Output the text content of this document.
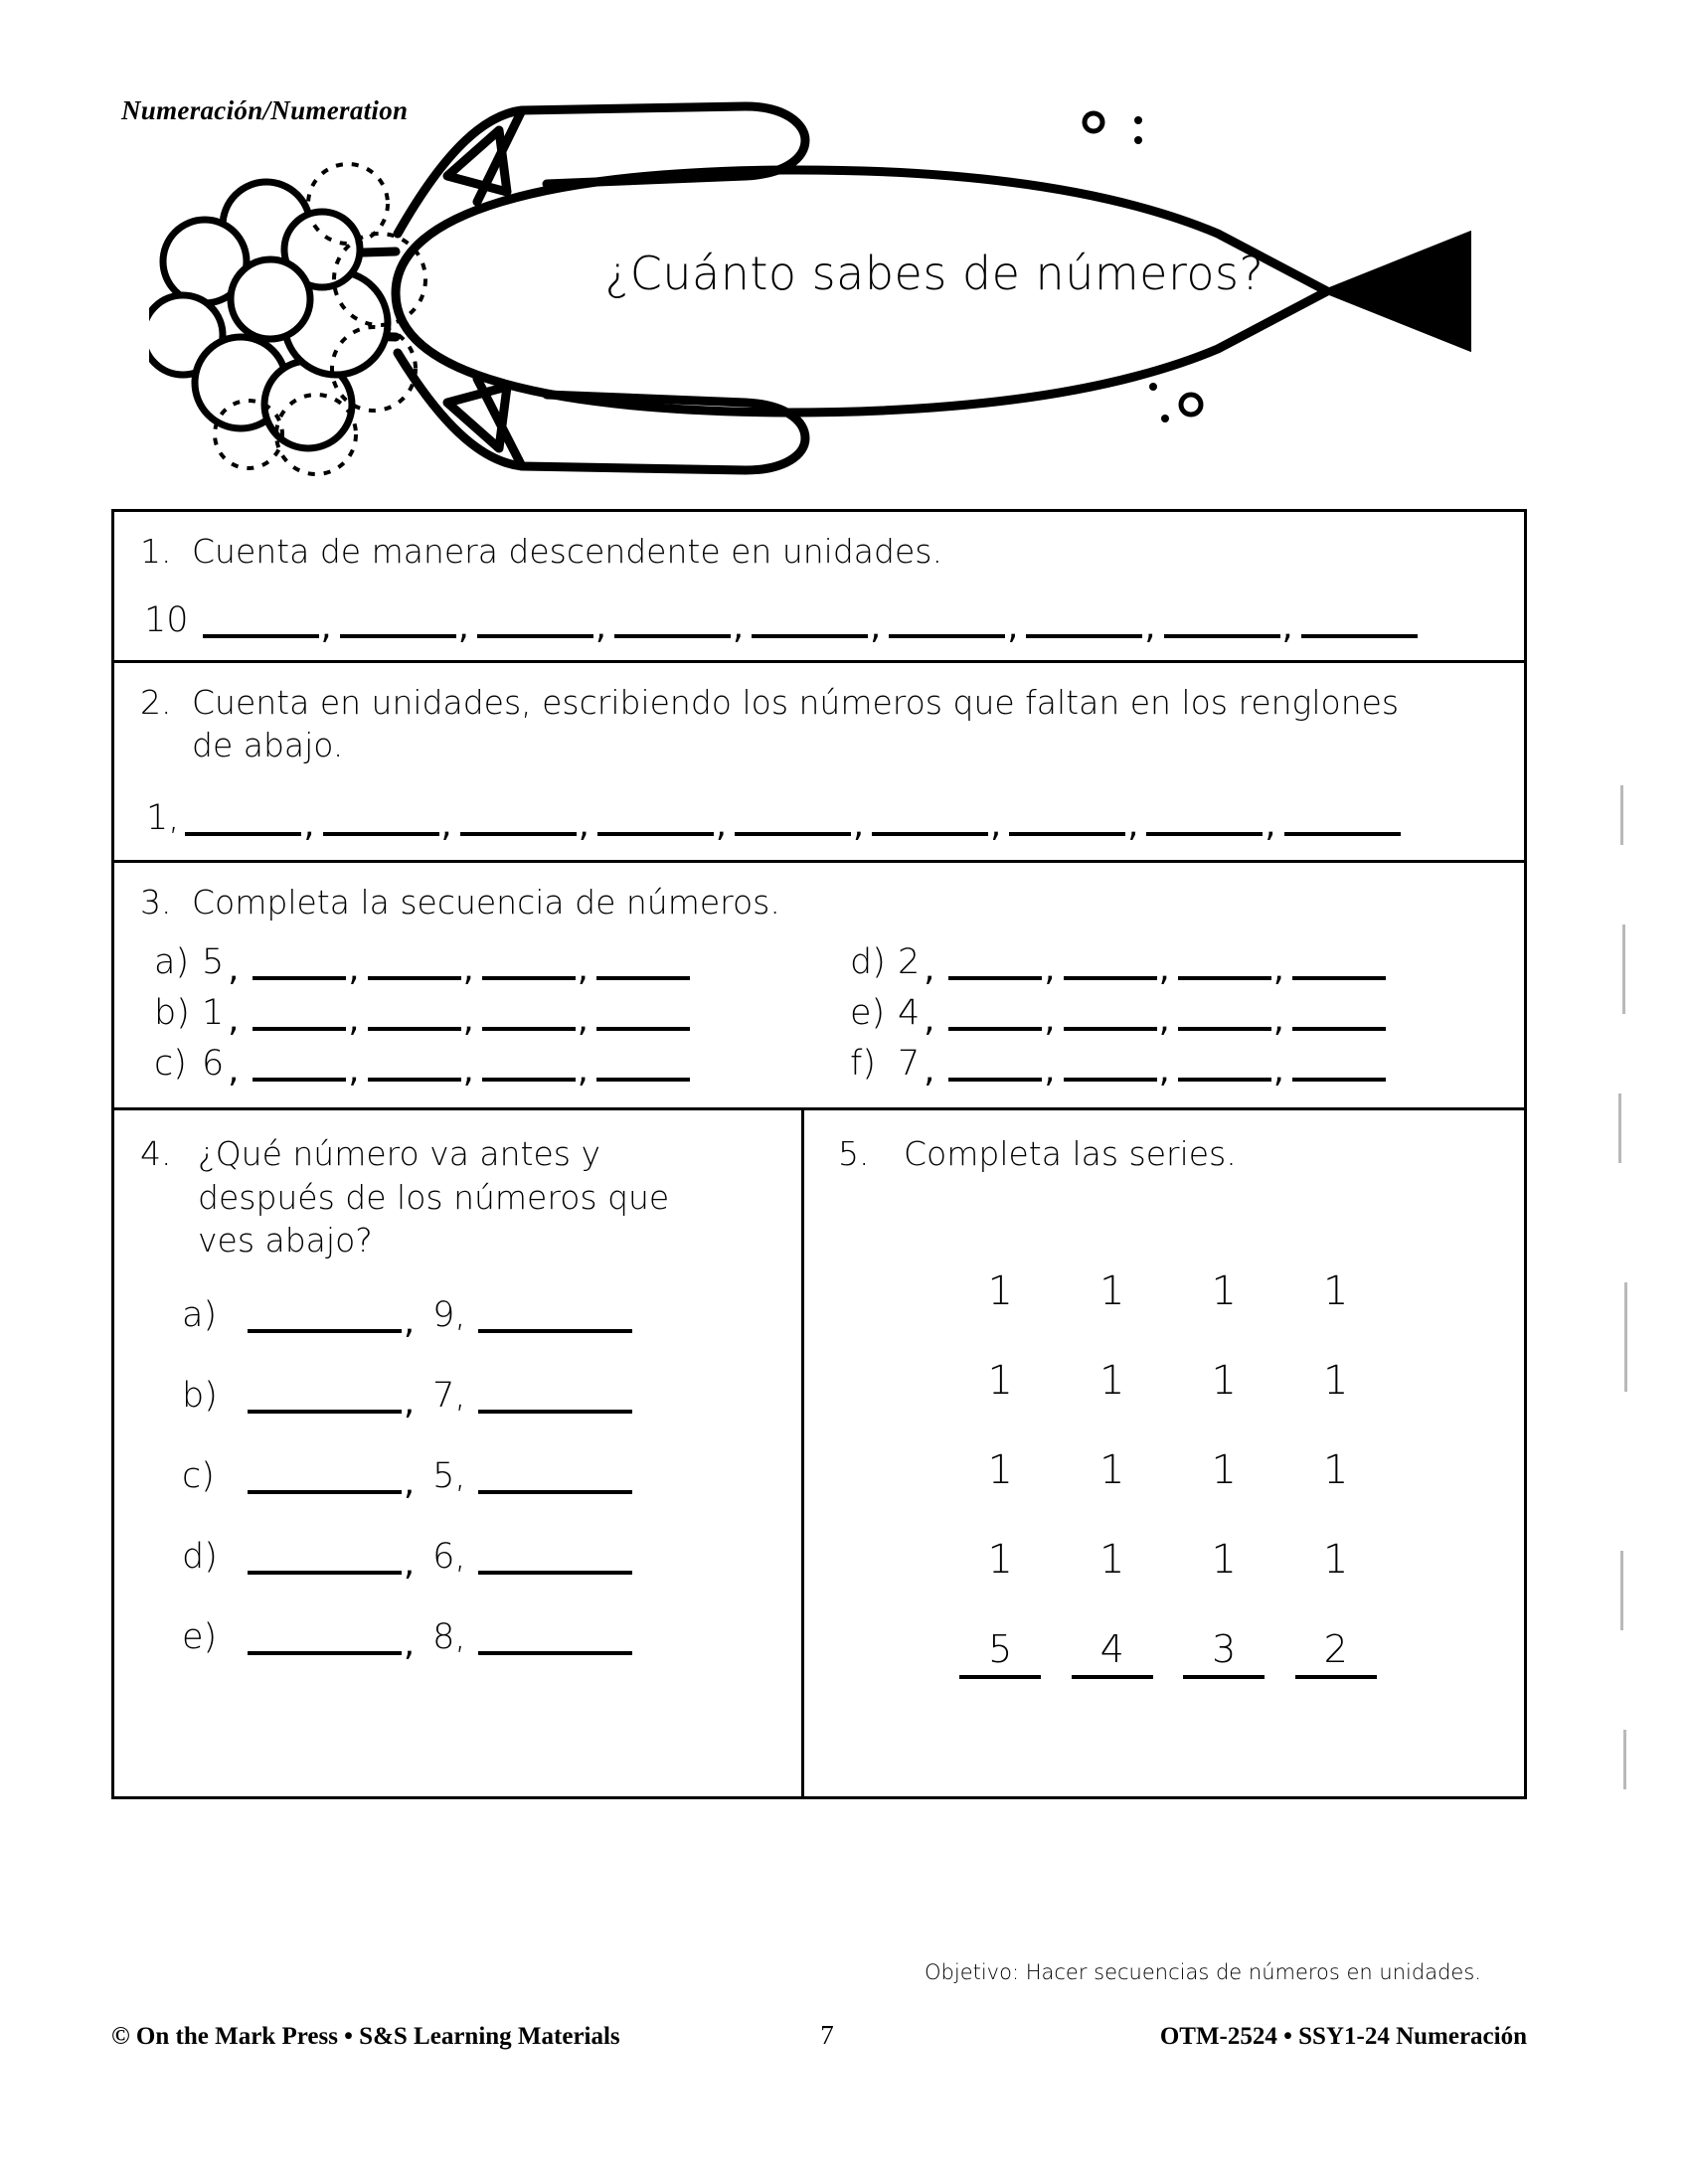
Numeración/Numeration
¿Cuánto sabes de números?
1. Cuenta de manera descendente en unidades.
10	,	,	,	,	,	,	,	,
2. Cuenta en unidades, escribiendo los números que faltan en los renglones de abajo.
1,	,	,	,	,	,	,	,	,
3. Completa la secuencia de números.
a) 5 ,	,	,	,	d) 2 ,	,	,	,
b) 1 ,	,	,	,	e) 4 ,	,	,	,
c) 6 ,	,	,	,	f) 7 ,	,	,	,
4. ¿Qué número va antes y después de los números que ves abajo?
a)	, 9,
b)	, 7,
c)	, 5,
d)	, 6,
e)	, 8,
5.	Completa las series.
1 1 1 1
1 1 1 1
1 1 1 1
1 1 1 1
5	4	3	2
Objetivo: Hacer secuencias de números en unidades.
© On the Mark Press • S&S Learning Materials	7	OTM-2524 • SSY1-24 Numeración
